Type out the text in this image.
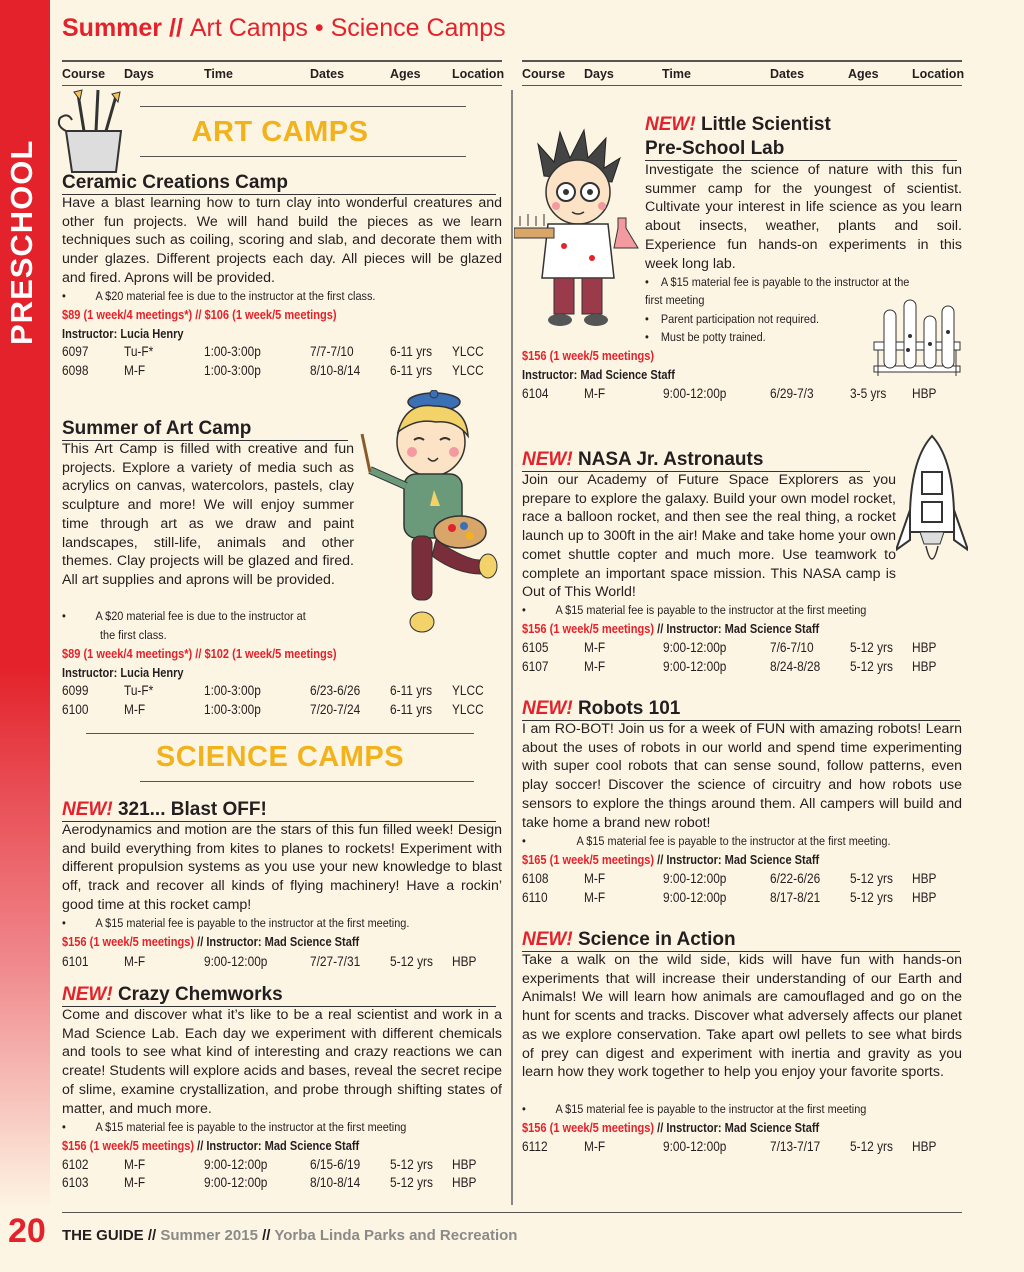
PRESCHOOL
20
Summer // Art Camps • Science Camps
Course Days	Time	Dates	Ages	Location Course Days	Time	Dates	Ages	Location
ART CAMPS
Ceramic Creations Camp
Have a blast learning how to turn clay into wonderful creatures and other fun projects. We will hand build the pieces as we learn techniques such as coiling, scoring and slab, and decorate them with under glazes. Different projects each day. All pieces will be glazed and fired. Aprons will be provided.
• A $20 material fee is due to the instructor at the first class.
$89 (1 week/4 meetings*) // $106 (1 week/5 meetings)
Instructor: Lucia Henry
6097	Tu-F*	1:00-3:00p	7/7-7/10	6-11 yrs YLCC
6098	M-F	1:00-3:00p	8/10-8/14 6-11 yrs YLCC
Summer of Art Camp
This Art Camp is filled with creative and fun projects. Explore a variety of media such as acrylics on canvas, watercolors, pastels, clay sculpture and more! We will enjoy summer time through art as we draw and paint landscapes, still-life, animals and other themes. Clay projects will be glazed and fired. All art supplies and aprons will be provided.
• A $20 material fee is due to the instructor at
the first class.
$89 (1 week/4 meetings*) // $102 (1 week/5 meetings)
Instructor: Lucia Henry
6099	Tu-F*	1:00-3:00p	6/23-6/26 6-11 yrs YLCC
6100	M-F	1:00-3:00p	7/20-7/24 6-11 yrs YLCC
SCIENCE CAMPS
NEW! 321... Blast OFF!
Aerodynamics and motion are the stars of this fun filled week! Design and build everything from kites to planes to rockets! Experiment with different propulsion systems as you use your new knowledge to blast off, track and recover all kinds of flying machinery! Have a rockin’ good time at this rocket camp!
• A $15 material fee is payable to the instructor at the first meeting.
$156 (1 week/5 meetings) // Instructor: Mad Science Staff
6101	M-F	9:00-12:00p	7/27-7/31 5-12 yrs HBP
NEW! Crazy Chemworks
Come and discover what it’s like to be a real scientist and work in a Mad Science Lab. Each day we experiment with different chemicals and tools to see what kind of interesting and crazy reactions we can create! Students will explore acids and bases, reveal the secret recipe of slime, examine crystallization, and probe through shifting states of matter, and much more.
• A $15 material fee is payable to the instructor at the first meeting
$156 (1 week/5 meetings) // Instructor: Mad Science Staff
6102	M-F	9:00-12:00p	6/15-6/19 5-12 yrs HBP
6103	M-F	9:00-12:00p	8/10-8/14 5-12 yrs HBP
NEW! Little Scientist
Pre-School Lab
Investigate the science of nature with this fun summer camp for the youngest of scientist. Cultivate your interest in life science as you learn about insects, weather, plants and soil. Experience fun hands-on experiments in this week long lab.
• A $15 material fee is payable to the instructor at the
first meeting
• Parent participation not required.
• Must be potty trained.
$156 (1 week/5 meetings)
Instructor: Mad Science Staff
6104	M-F	9:00-12:00p	6/29-7/3	3-5 yrs HBP
NEW! NASA Jr. Astronauts
Join our Academy of Future Space Explorers as you prepare to explore the galaxy. Build your own model rocket, race a balloon rocket, and then see the real thing, a rocket launch up to 300ft in the air! Make and take home your own comet shuttle copter and much more. Use teamwork to complete an important space mission. This NASA camp is Out of This World!
• A $15 material fee is payable to the instructor at the first meeting
$156 (1 week/5 meetings) // Instructor: Mad Science Staff
6105	M-F	9:00-12:00p	7/6-7/10	5-12 yrs HBP
6107	M-F	9:00-12:00p	8/24-8/28 5-12 yrs HBP
NEW! Robots 101
I am RO-BOT! Join us for a week of FUN with amazing robots! Learn about the uses of robots in our world and spend time experimenting with super cool robots that can sense sound, follow patterns, even play soccer! Discover the science of circuitry and how robots use sensors to explore the things around them. All campers will build and take home a brand new robot!
•	A $15 material fee is payable to the instructor at the first meeting.
$165 (1 week/5 meetings) // Instructor: Mad Science Staff
6108	M-F	9:00-12:00p	6/22-6/26 5-12 yrs HBP
6110	M-F	9:00-12:00p	8/17-8/21 5-12 yrs HBP
NEW! Science in Action
Take a walk on the wild side, kids will have fun with hands-on experiments that will increase their understanding of our Earth and Animals! We will learn how animals are camouflaged and go on the hunt for scents and tracks. Discover what adversely affects our planet as we explore conservation. Take apart owl pellets to see what birds of prey can digest and experiment with inertia and gravity as you learn how they work together to help you enjoy your favorite sports.
• A $15 material fee is payable to the instructor at the first meeting
$156 (1 week/5 meetings) // Instructor: Mad Science Staff
6112	M-F	9:00-12:00p	7/13-7/17 5-12 yrs HBP
THE GUIDE // Summer 2015 // Yorba Linda Parks and Recreation
